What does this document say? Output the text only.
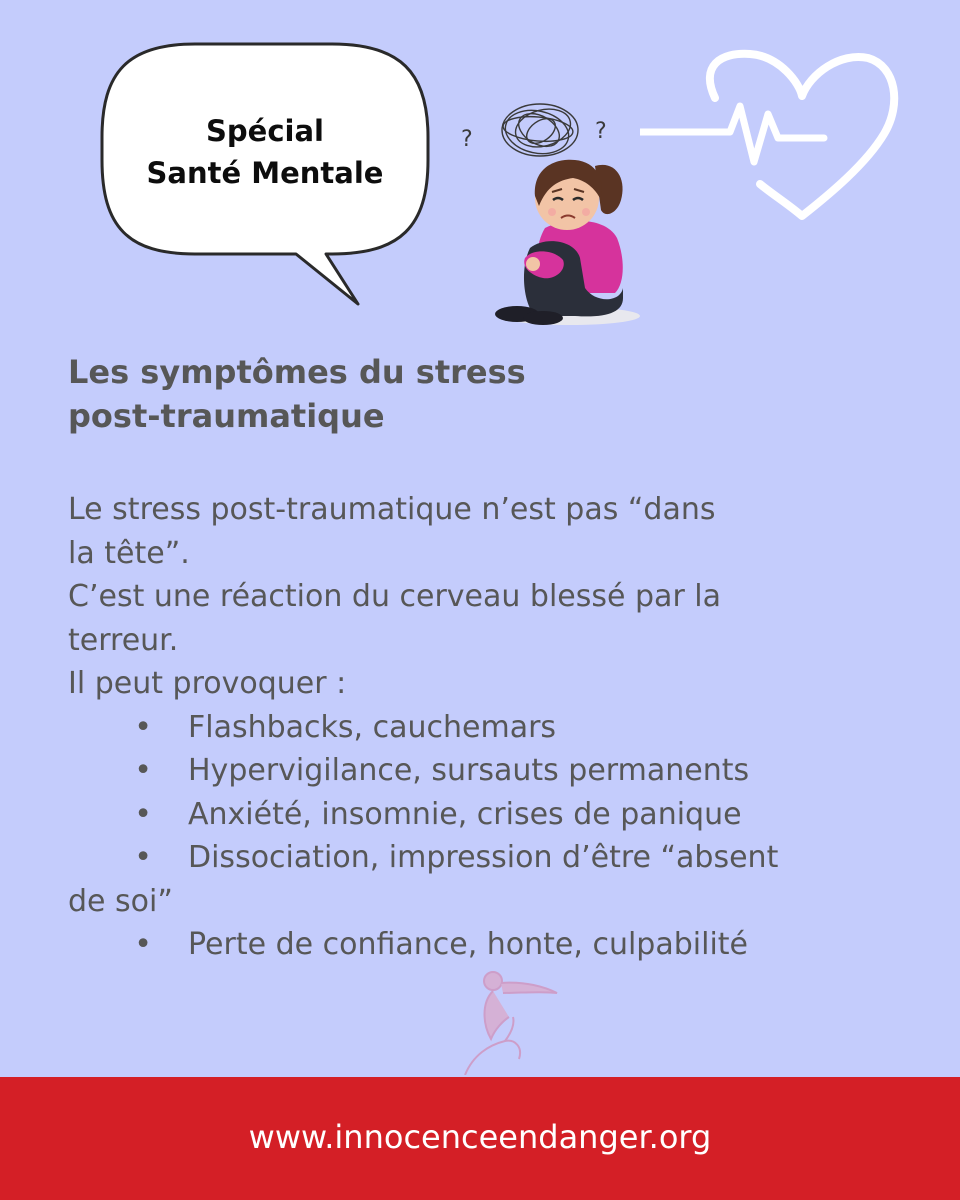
Spécial
Santé Mentale
?	?
Les symptômes du stress
post-traumatique

Le stress post-traumatique n’est pas “dans

la tête”.

C’est une réaction du cerveau blessé par la

terreur.

Il peut provoquer :

• Flashbacks, cauchemars
• Hypervigilance, sursauts permanents
• Anxiété, insomnie, crises de panique
• Dissociation, impression d’être “absent
de soi”
• Perte de confiance, honte, culpabilité
www.innocenceendanger.org
